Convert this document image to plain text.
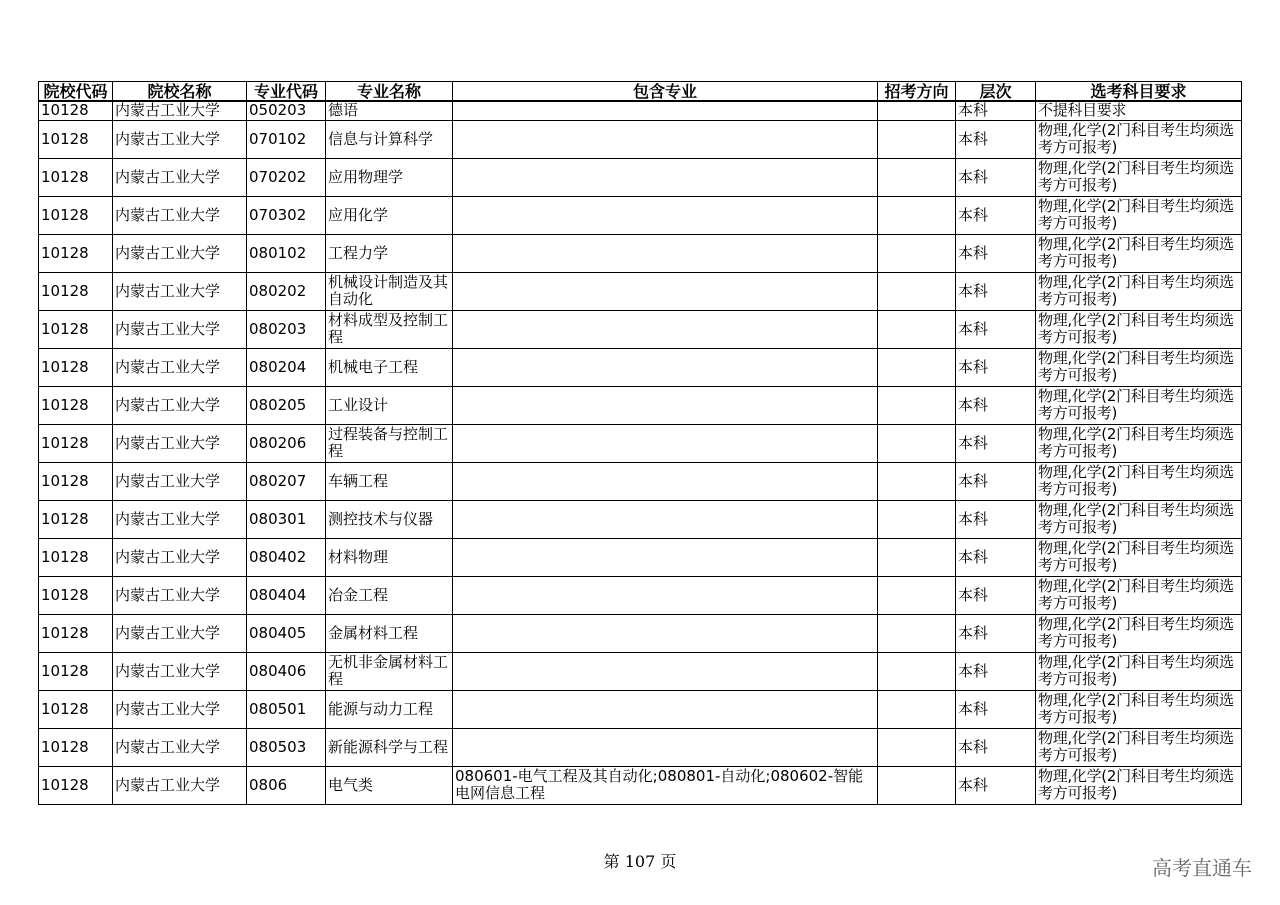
院校代码	院校名称	专业代码	专业名称	包含专业	招考方向	层次	选考科目要求
10128	内蒙古工业大学	050203	德语			本科	不提科目要求
10128	内蒙古工业大学	070102	信息与计算科学			本科	物理,化学(2门科目考生均须选考方可报考)
10128	内蒙古工业大学	070202	应用物理学			本科	物理,化学(2门科目考生均须选考方可报考)
10128	内蒙古工业大学	070302	应用化学			本科	物理,化学(2门科目考生均须选考方可报考)
10128	内蒙古工业大学	080102	工程力学			本科	物理,化学(2门科目考生均须选考方可报考)
10128	内蒙古工业大学	080202	机械设计制造及其自动化			本科	物理,化学(2门科目考生均须选考方可报考)
10128	内蒙古工业大学	080203	材料成型及控制工程			本科	物理,化学(2门科目考生均须选考方可报考)
10128	内蒙古工业大学	080204	机械电子工程			本科	物理,化学(2门科目考生均须选考方可报考)
10128	内蒙古工业大学	080205	工业设计			本科	物理,化学(2门科目考生均须选考方可报考)
10128	内蒙古工业大学	080206	过程装备与控制工程			本科	物理,化学(2门科目考生均须选考方可报考)
10128	内蒙古工业大学	080207	车辆工程			本科	物理,化学(2门科目考生均须选考方可报考)
10128	内蒙古工业大学	080301	测控技术与仪器			本科	物理,化学(2门科目考生均须选考方可报考)
10128	内蒙古工业大学	080402	材料物理			本科	物理,化学(2门科目考生均须选考方可报考)
10128	内蒙古工业大学	080404	冶金工程			本科	物理,化学(2门科目考生均须选考方可报考)
10128	内蒙古工业大学	080405	金属材料工程			本科	物理,化学(2门科目考生均须选考方可报考)
10128	内蒙古工业大学	080406	无机非金属材料工程			本科	物理,化学(2门科目考生均须选考方可报考)
10128	内蒙古工业大学	080501	能源与动力工程			本科	物理,化学(2门科目考生均须选考方可报考)
10128	内蒙古工业大学	080503	新能源科学与工程			本科	物理,化学(2门科目考生均须选考方可报考)
10128	内蒙古工业大学	0806	电气类	080601-电气工程及其自动化;080801-自动化;080602-智能电网信息工程		本科	物理,化学(2门科目考生均须选考方可报考)
第 107 页	高考直通车
